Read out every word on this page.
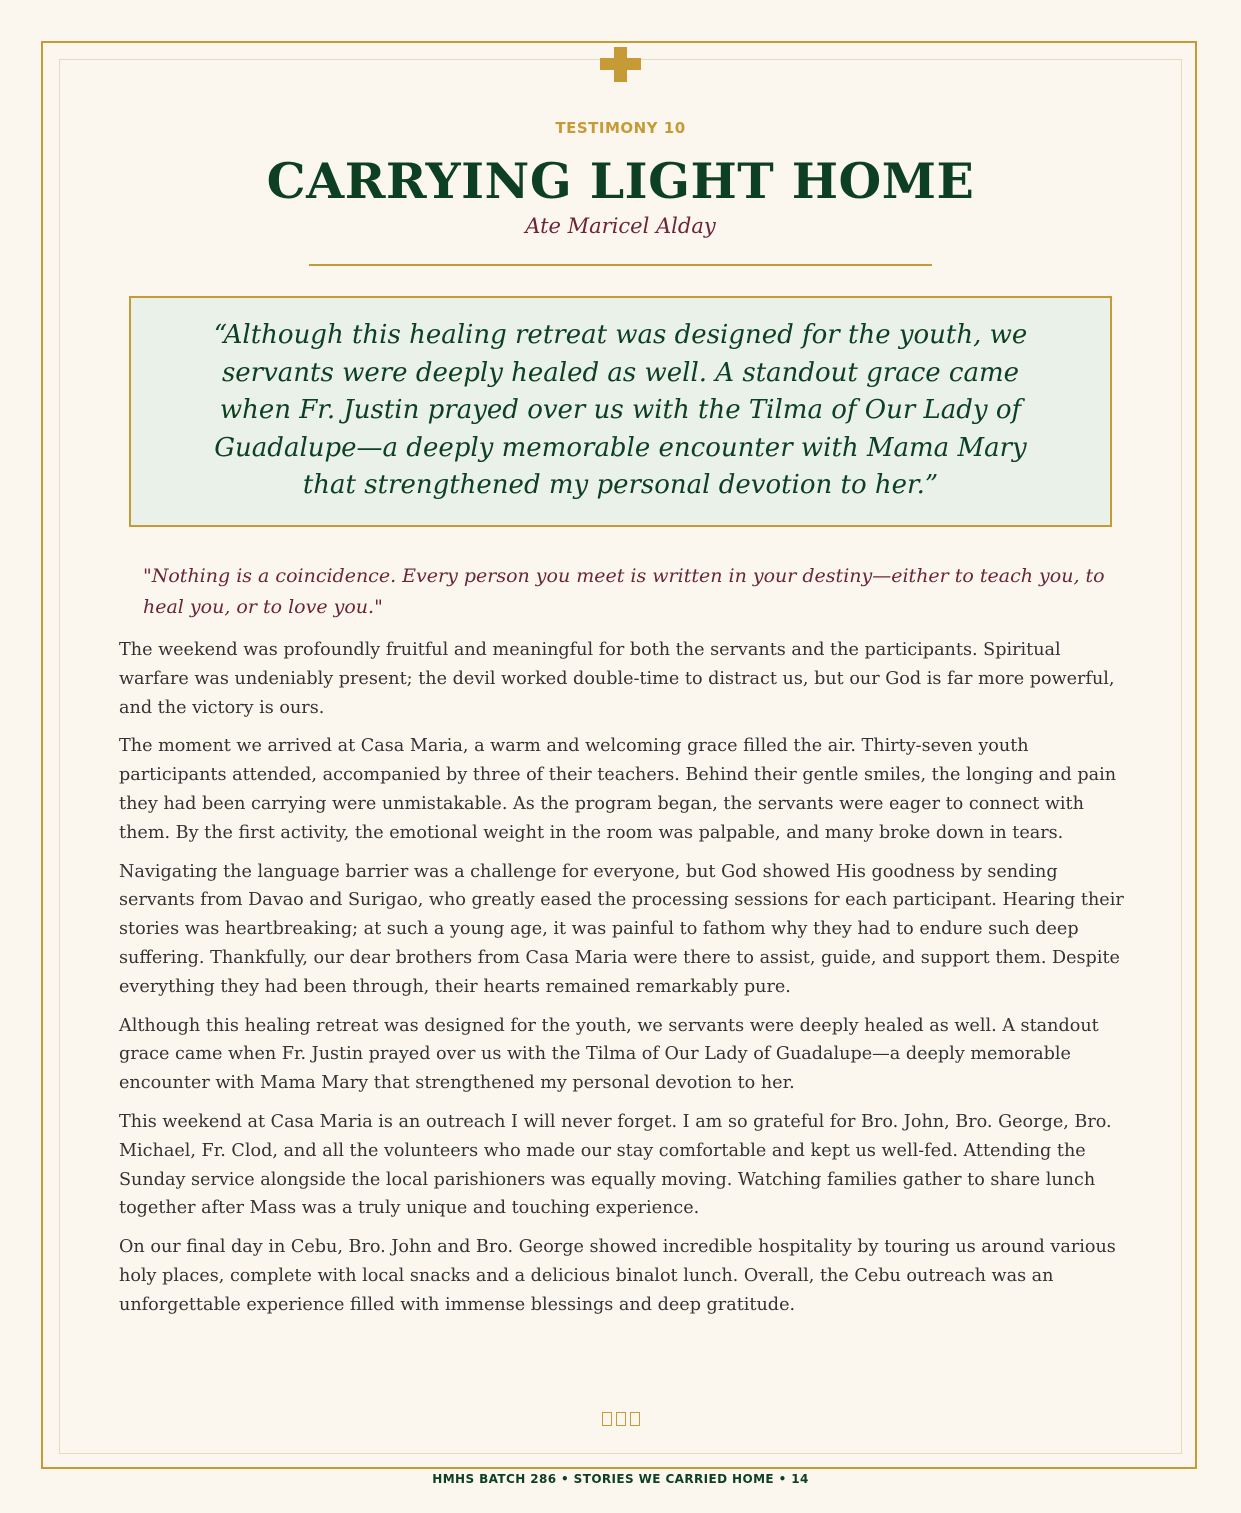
TESTIMONY 10
CARRYING LIGHT HOME
Ate Maricel Alday
“Although this healing retreat was designed for the youth, we servants were deeply healed as well. A standout grace came when Fr. Justin prayed over us with the Tilma of Our Lady of Guadalupe—a deeply memorable encounter with Mama Mary that strengthened my personal devotion to her.”
"Nothing is a coincidence. Every person you meet is written in your destiny—either to teach you, to heal you, or to love you."

The weekend was profoundly fruitful and meaningful for both the servants and the participants. Spiritual warfare was undeniably present; the devil worked double-time to distract us, but our God is far more powerful, and the victory is ours.

The moment we arrived at Casa Maria, a warm and welcoming grace filled the air. Thirty-seven youth participants attended, accompanied by three of their teachers. Behind their gentle smiles, the longing and pain they had been carrying were unmistakable. As the program began, the servants were eager to connect with them. By the first activity, the emotional weight in the room was palpable, and many broke down in tears.

Navigating the language barrier was a challenge for everyone, but God showed His goodness by sending servants from Davao and Surigao, who greatly eased the processing sessions for each participant. Hearing their stories was heartbreaking; at such a young age, it was painful to fathom why they had to endure such deep suffering. Thankfully, our dear brothers from Casa Maria were there to assist, guide, and support them. Despite everything they had been through, their hearts remained remarkably pure.

Although this healing retreat was designed for the youth, we servants were deeply healed as well. A standout grace came when Fr. Justin prayed over us with the Tilma of Our Lady of Guadalupe—a deeply memorable encounter with Mama Mary that strengthened my personal devotion to her.

This weekend at Casa Maria is an outreach I will never forget. I am so grateful for Bro. John, Bro. George, Bro. Michael, Fr. Clod, and all the volunteers who made our stay comfortable and kept us well-fed. Attending the Sunday service alongside the local parishioners was equally moving. Watching families gather to share lunch together after Mass was a truly unique and touching experience.

On our final day in Cebu, Bro. John and Bro. George showed incredible hospitality by touring us around various holy places, complete with local snacks and a delicious binalot lunch. Overall, the Cebu outreach was an unforgettable experience filled with immense blessings and deep gratitude.

HMHS BATCH 286 • STORIES WE CARRIED HOME • 14
